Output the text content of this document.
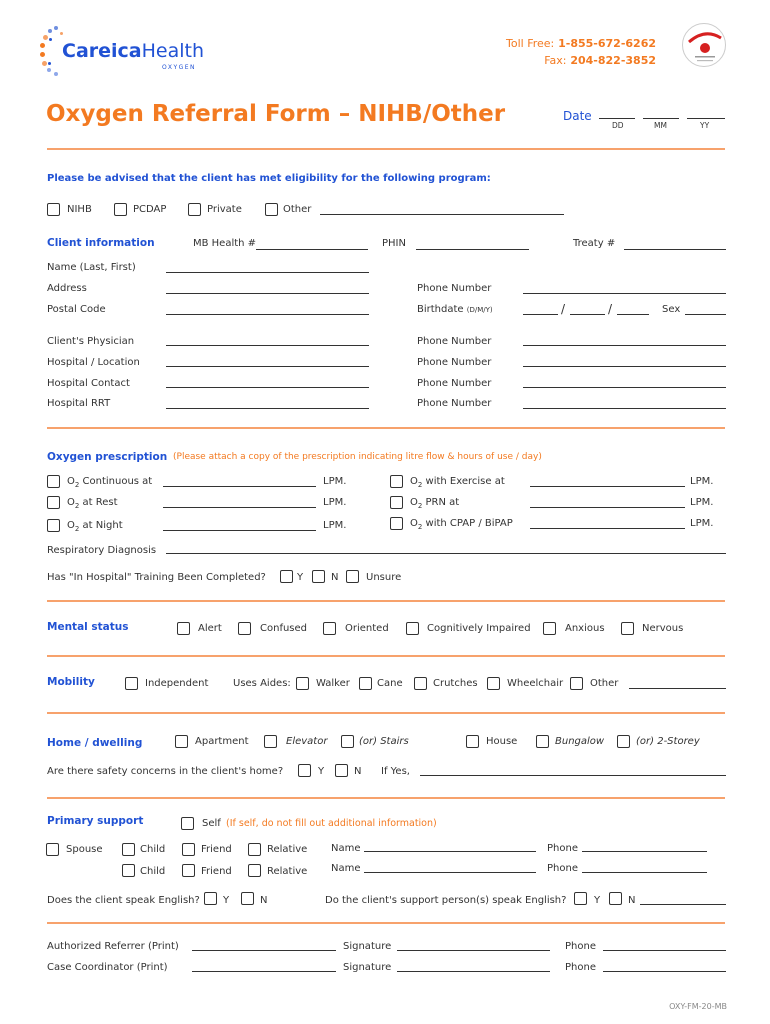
CareicaHealth
OXYGEN
Toll Free: 1-855-672-6262
Fax: 204-822-3852
Oxygen Referral Form – NIHB/Other	Date
DD	MM	YY
Please be advised that the client has met eligibility for the following program:
NIHB	PCDAP	Private	Other
Client information	MB Health #	PHIN	Treaty #
Name (Last, First)
Address	Phone Number
Postal Code	Birthdate (D/M/Y)	/	/	Sex
Client's Physician	Phone Number
Hospital / Location	Phone Number
Hospital Contact	Phone Number
Hospital RRT	Phone Number
Oxygen prescription (Please attach a copy of the prescription indicating litre flow & hours of use / day)
$O_2$ Continuous at	LPM.	$O_2$ with Exercise at	LPM.
$O_2$ at Rest	LPM.	$O_2$ PRN at	LPM.
$O_2$ at Night	LPM.	$O_2$ with CPAP / BiPAP	LPM.
Respiratory Diagnosis
Has "In Hospital" Training Been Completed?	Y	N	Unsure
Mental status	Alert	Confused	Oriented	Cognitively Impaired	Anxious	Nervous
Mobility	Independent Uses Aides:	Walker	Cane	Crutches	Wheelchair	Other
Home / dwelling	Apartment	Elevator	(or) Stairs	House	Bungalow	(or) 2-Storey
Are there safety concerns in the client's home?	Y	N If Yes,
Primary support	Self (If self, do not fill out additional information)
Spouse	Child	Friend	Relative Name	Phone
Child	Friend	Relative Name	Phone
Does the client speak English? Y	N	Do the client's support person(s) speak English?	Y	N
Authorized Referrer (Print)	Signature	Phone
Case Coordinator (Print)	Signature	Phone
OXY-FM-20-MB
